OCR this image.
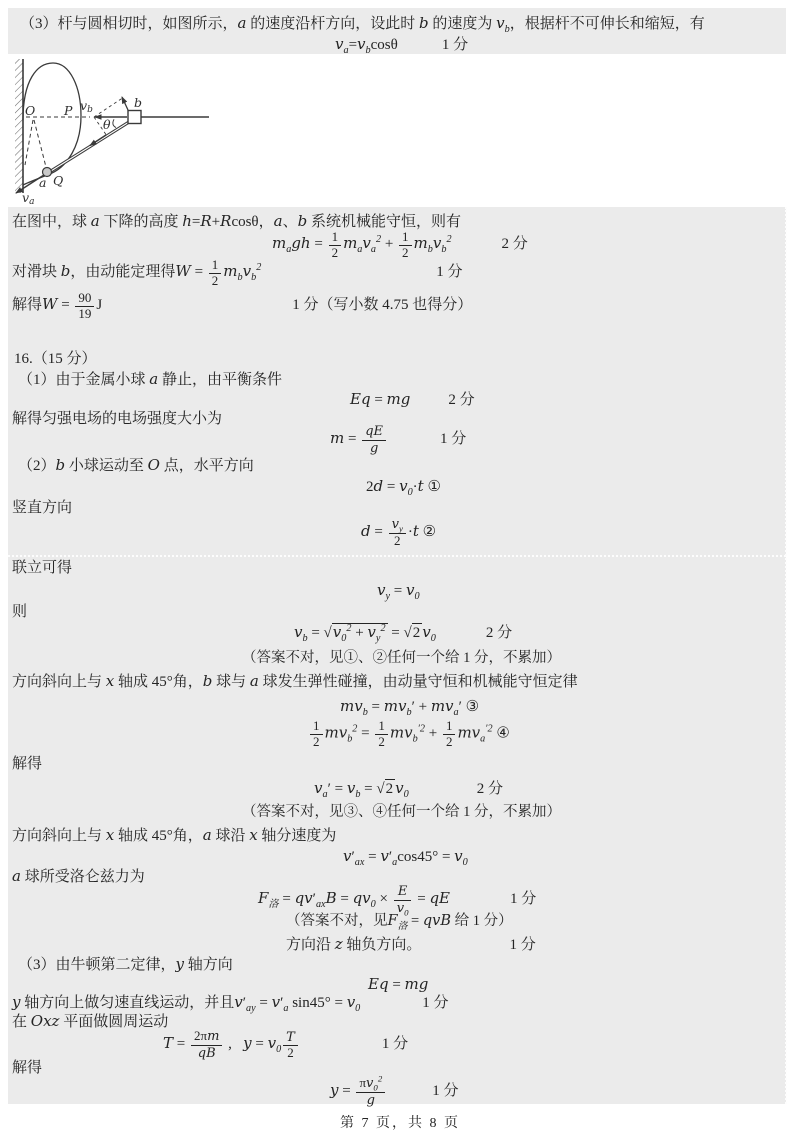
（3）杆与圆相切时，如图所示，a 的速度沿杆方向，设此时 b 的速度为 $v_b$，根据杆不可伸长和缩短，有
$v_a=v_b\cos\theta$	1 分
O P vb	b
θ
a Q
va
在图中，球 a 下降的高度 h=R+Rcosθ，a、b 系统机械能守恒，则有
$m_agh = \frac{1}{2} m_av_a^2 + \frac{1}{2} m_bv_b^2$	2 分
对滑块 b，由动能定理得$W = \frac{1}{2} m_bv_b^2$	1 分
解得$W = \frac{90}{19}$ J	1 分（写小数 4.75 也得分）
16.（15 分）
（1）由于金属小球 a 静止，由平衡条件
Eq = mg	2 分
解得匀强电场的电场强度大小为
$m = \frac{qE}{g}$	1 分
（2）b 小球运动至 O 点，水平方向
$2d = v_0\cdot t$ ①
竖直方向
$d = \frac{v_y}{2} \cdot t$ ②
联立可得
$v_y = v_0$
则
$v_b = √v_0^2 + v_y^2 = √2$ $v_0$	2 分
（答案不对，见①、②任何一个给 1 分，不累加）
方向斜向上与 x 轴成 45°角，b 球与 a 球发生弹性碰撞，由动量守恒和机械能守恒定律
$mv_b = mv_b' + mv_a'$ ③
$\frac{1}{2} mv_b^2 = \frac{1}{2} mv_b^{'2} + \frac{1}{2} mv_a^{'2}$ ④
解得
$v_a' = v_b = √2$ $v_0$	2 分
（答案不对，见③、④任何一个给 1 分，不累加）
方向斜向上与 x 轴成 45°角，a 球沿 x 轴分速度为
$v'_{ax} = v'_a\cos 45^\circ = v_0$
a 球所受洛仑兹力为
$F_洛 = qv'_{ax}B = qv_0 \times \frac{E}{v_0}$ = qE	1 分
（答案不对，见$F_洛$ = qvB 给 1 分）
方向沿 z 轴负方向。	1 分
（3）由牛顿第二定律，y 轴方向
Eq = mg
y 轴方向上做匀速直线运动，并且$v'_{ay} = v'_a$ $\sin 45^\circ = v_0$	1 分
在 Oxz 平面做圆周运动
$T = \frac{2\pi m}{qB}$ ,   $y = v_0 \frac{T}{2}$	1 分
解得
$y = \frac{\pi v_0^2}{g}$	1 分
第 7 页，共 8 页
